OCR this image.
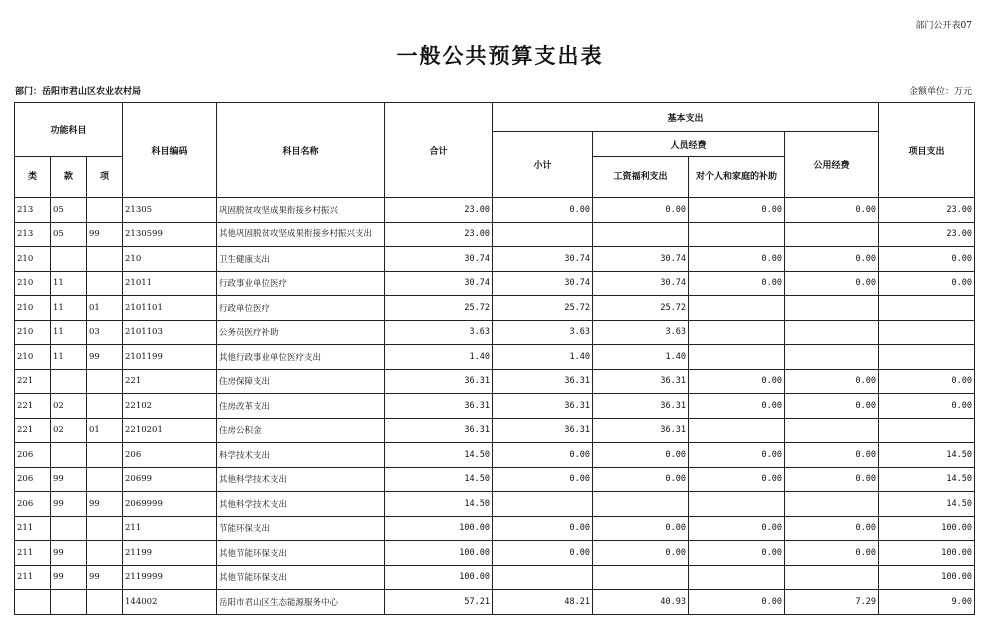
部门公开表07
一般公共预算支出表
部门：岳阳市君山区农业农村局	金额单位：万元
功能科目			科目编码	科目名称	合计	基本支出				项目支出
						小计	人员经费		公用经费	
类	款	项					工资福利支出	对个人和家庭的补助		
213	05		21305	巩固脱贫攻坚成果衔接乡村振兴	23.00	0.00	0.00	0.00	0.00	23.00
213	05	99	2130599	其他巩固脱贫攻坚成果衔接乡村振兴支出	23.00					23.00
210			210	卫生健康支出	30.74	30.74	30.74	0.00	0.00	0.00
210	11		21011	行政事业单位医疗	30.74	30.74	30.74	0.00	0.00	0.00
210	11	01	2101101	行政单位医疗	25.72	25.72	25.72			
210	11	03	2101103	公务员医疗补助	3.63	3.63	3.63			
210	11	99	2101199	其他行政事业单位医疗支出	1.40	1.40	1.40			
221			221	住房保障支出	36.31	36.31	36.31	0.00	0.00	0.00
221	02		22102	住房改革支出	36.31	36.31	36.31	0.00	0.00	0.00
221	02	01	2210201	住房公积金	36.31	36.31	36.31			
206			206	科学技术支出	14.50	0.00	0.00	0.00	0.00	14.50
206	99		20699	其他科学技术支出	14.50	0.00	0.00	0.00	0.00	14.50
206	99	99	2069999	其他科学技术支出	14.50					14.50
211			211	节能环保支出	100.00	0.00	0.00	0.00	0.00	100.00
211	99		21199	其他节能环保支出	100.00	0.00	0.00	0.00	0.00	100.00
211	99	99	2119999	其他节能环保支出	100.00					100.00
			144002	岳阳市君山区生态能源服务中心	57.21	48.21	40.93	0.00	7.29	9.00
